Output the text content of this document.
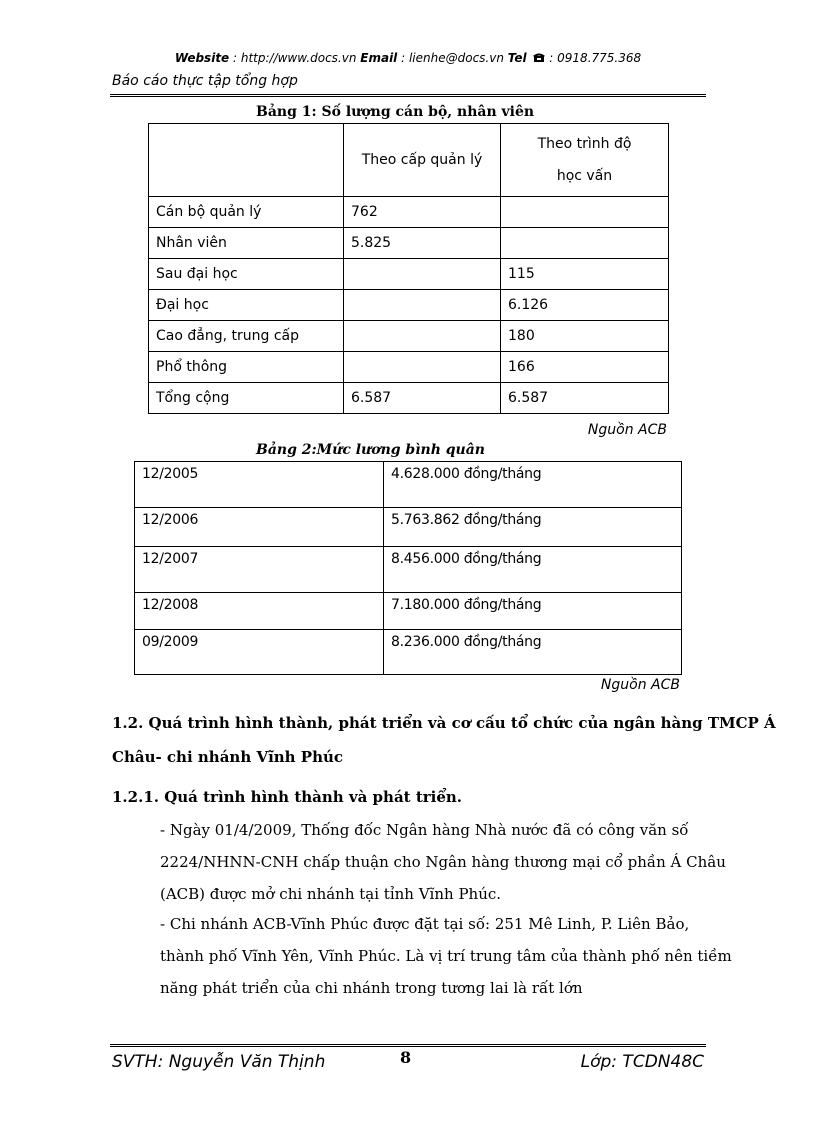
Website : http://www.docs.vn Email : lienhe@docs.vn Tel  : 0918.775.368
Báo cáo thực tập tổng hợp
Bảng 1: Số lượng cán bộ, nhân viên
	Theo cấp quản lý	Theo trình độ
học vấn

Cán bộ quản lý	762	
Nhân viên	5.825	
Sau đại học		115
Đại học		6.126
Cao đẳng, trung cấp		180
Phổ thông		166
Tổng cộng	6.587	6.587
Nguồn ACB
Bảng 2:Mức lương bình quân
12/2005	4.628.000 đồng/tháng
12/2006	5.763.862 đồng/tháng
12/2007	8.456.000 đồng/tháng
12/2008	7.180.000 đồng/tháng
09/2009	8.236.000 đồng/tháng
Nguồn ACB
1.2. Quá trình hình thành, phát triển và cơ cấu tổ chức của ngân hàng TMCP Á
Châu- chi nhánh Vĩnh Phúc
1.2.1. Quá trình hình thành và phát triển.
- Ngày 01/4/2009, Thống đốc Ngân hàng Nhà nước đã có công văn số
2224/NHNN-CNH chấp thuận cho Ngân hàng thương mại cổ phần Á Châu
(ACB) được mở chi nhánh tại tỉnh Vĩnh Phúc.
- Chi nhánh ACB-Vĩnh Phúc được đặt tại số: 251 Mê Linh, P. Liên Bảo,
thành phố Vĩnh Yên, Vĩnh Phúc. Là vị trí trung tâm của thành phố nên tiềm
năng phát triển của chi nhánh trong tương lai là rất lớn
SVTH: Nguyễn Văn Thịnh	8	Lớp: TCDN48C
